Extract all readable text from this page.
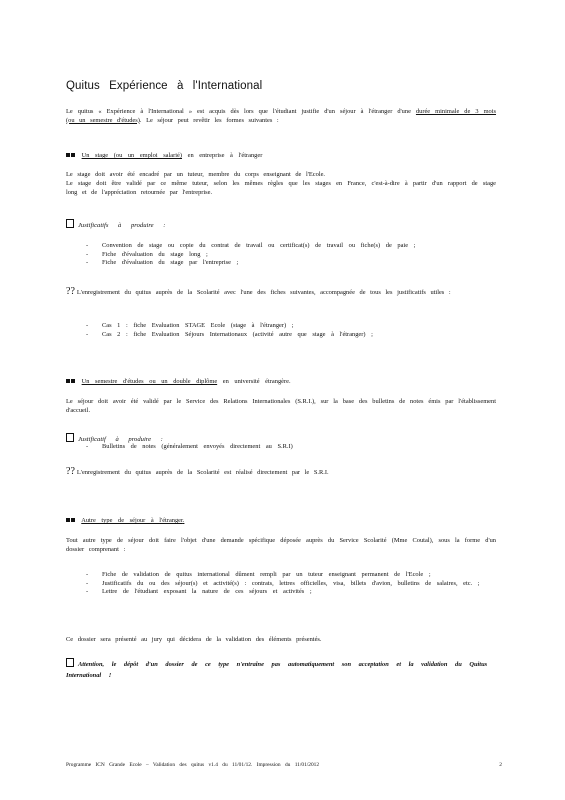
Quitus Expérience à l'International
Le quitus « Expérience à l'International » est acquis dès lors que l'étudiant justifie d'un séjour à l'étranger d'une durée minimale de 3 mois (ou un semestre d'études). Le séjour peut revêtir les formes suivantes :
Un stage (ou un emploi salarié) en entreprise à l'étranger
Le stage doit avoir été encadré par un tuteur, membre du corps enseignant de l'Ecole.
Le stage doit être validé par ce même tuteur, selon les mêmes règles que les stages en France, c'est-à-dire à partir d'un rapport de stage long et de l'appréciation retournée par l'entreprise.
Justificatifs à produire :
- Convention de stage ou copie du contrat de travail ou certificat(s) de travail ou fiche(s) de paie ;
- Fiche d'évaluation du stage long ;
- Fiche d'évaluation du stage par l'entreprise ;
?? L'enregistrement du quitus auprès de la Scolarité avec l'une des fiches suivantes, accompagnée de tous les justificatifs utiles :
- Cas 1 : fiche Evaluation STAGE Ecole (stage à l'étranger) ;
- Cas 2 : fiche Evaluation Séjours Internationaux (activité autre que stage à l'étranger) ;
Un semestre d'études ou un double diplôme en université étrangère.
Le séjour doit avoir été validé par le Service des Relations Internationales (S.R.I.), sur la base des bulletins de notes émis par l'établissement d'accueil.
Justificatif à produire :
- Bulletins de notes (généralement envoyés directement au S.R.I)
?? L'enregistrement du quitus auprès de la Scolarité est réalisé directement par le S.R.I.
Autre type de séjour à l'étranger.
Tout autre type de séjour doit faire l'objet d'une demande spécifique déposée auprès du Service Scolarité (Mme Coutal), sous la forme d'un dossier comprenant :
- Fiche de validation de quitus international dûment rempli par un tuteur enseignant permanent de l'Ecole ;
- Justificatifs du ou des séjour(s) et activité(s) : contrats, lettres officielles, visa, billets d'avion, bulletins de salaires, etc. ;
- Lettre de l'étudiant exposant la nature de ces séjours et activités ;
Ce dossier sera présenté au jury qui décidera de la validation des éléments présentés.
Attention, le dépôt d'un dossier de ce type n'entraîne pas automatiquement son acceptation et la validation du Quitus International !
Programme ICN Grande Ecole – Validation des quitus v1.4 du 11/01/12. Impression du 11/01/2012	2
